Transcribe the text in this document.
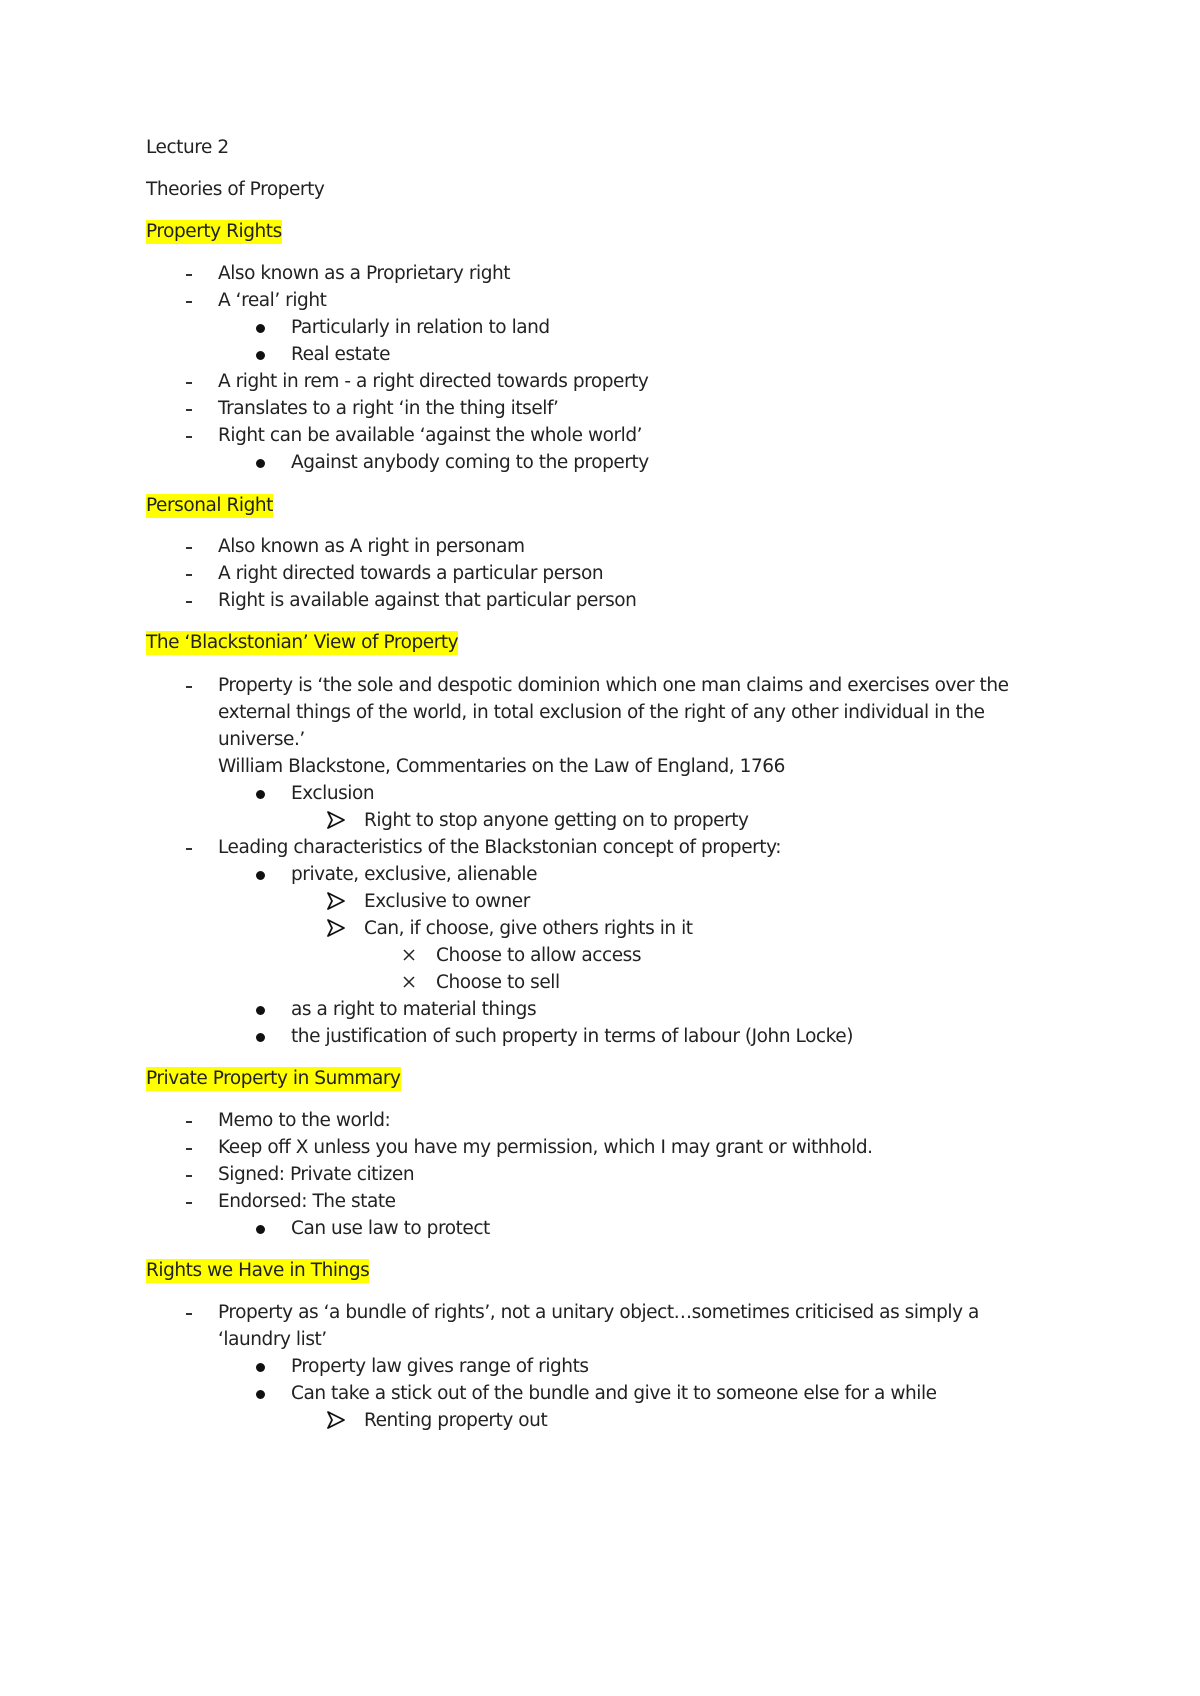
Lecture 2
Theories of Property
Property Rights
Also known as a Proprietary right
A ‘real’ right
Particularly in relation to land
Real estate
A right in rem - a right directed towards property
Translates to a right ‘in the thing itself’
Right can be available ‘against the whole world’
Against anybody coming to the property
Personal Right
Also known as A right in personam
A right directed towards a particular person
Right is available against that particular person
The ‘Blackstonian’ View of Property
Property is ‘the sole and despotic dominion which one man claims and exercises over the
external things of the world, in total exclusion of the right of any other individual in the
universe.’
William Blackstone, Commentaries on the Law of England, 1766
Exclusion
Right to stop anyone getting on to property
Leading characteristics of the Blackstonian concept of property:
private, exclusive, alienable
Exclusive to owner
Can, if choose, give others rights in it
Choose to allow access
Choose to sell
as a right to material things
the justification of such property in terms of labour (John Locke)
Private Property in Summary
Memo to the world:
Keep off X unless you have my permission, which I may grant or withhold.
Signed: Private citizen
Endorsed: The state
Can use law to protect
Rights we Have in Things
Property as ‘a bundle of rights’, not a unitary object…sometimes criticised as simply a
‘laundry list’
Property law gives range of rights
Can take a stick out of the bundle and give it to someone else for a while
Renting property out
